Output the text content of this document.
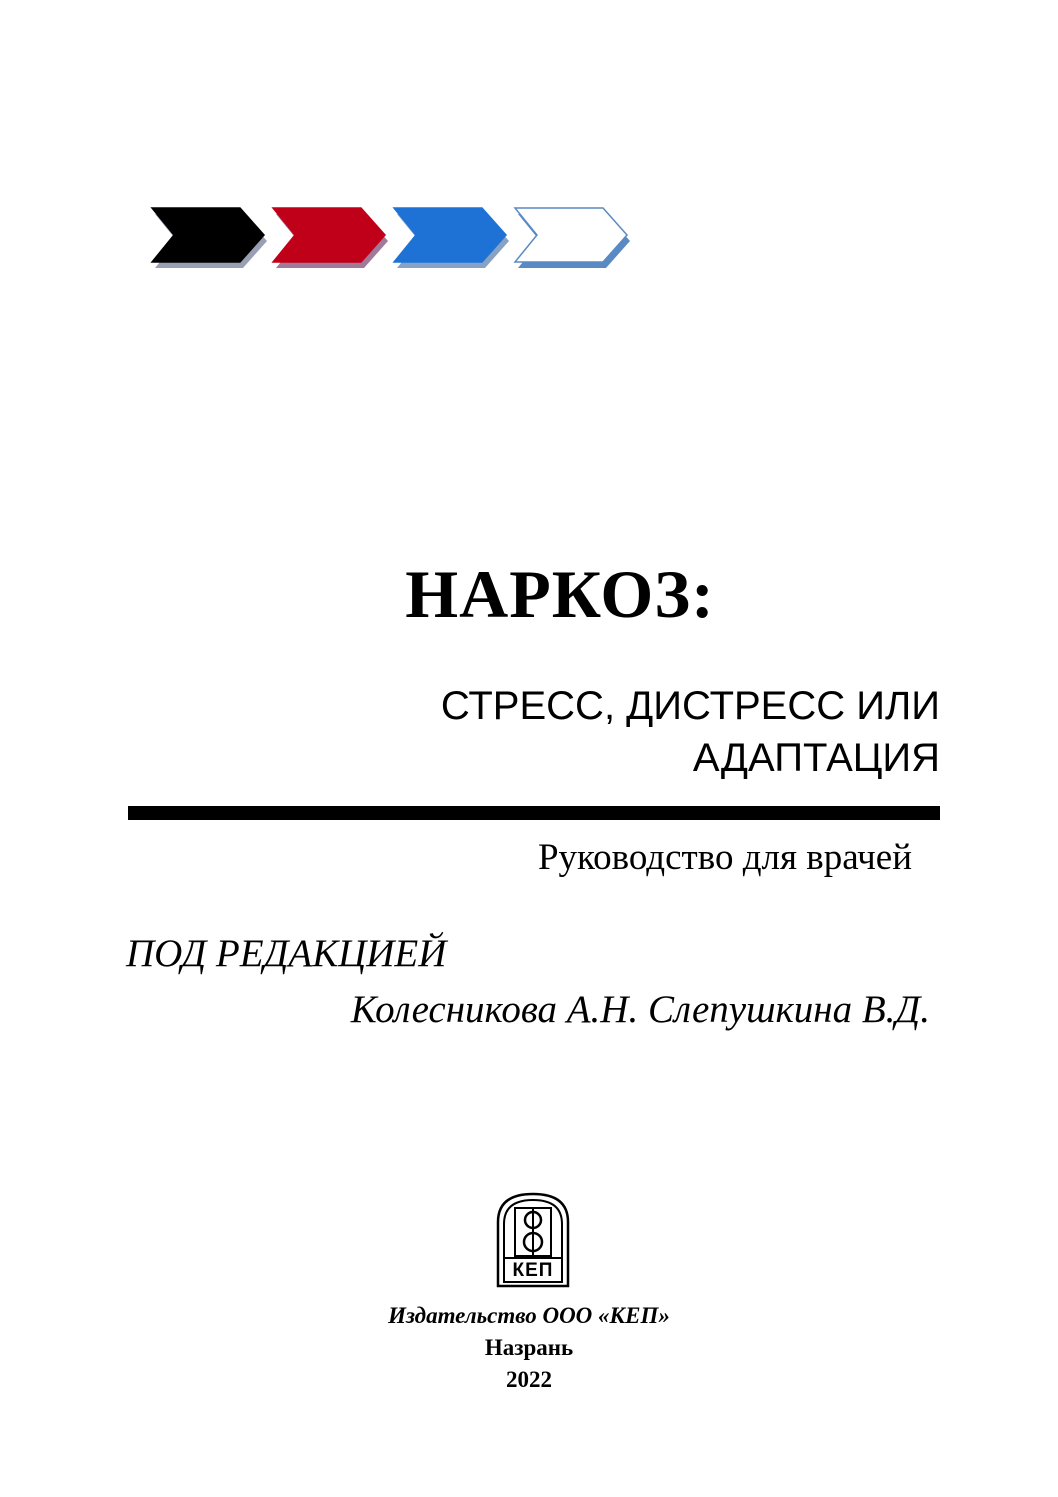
НАРКОЗ:
СТРЕСС, ДИСТРЕСС ИЛИ
АДАПТАЦИЯ
Руководство для врачей
ПОД РЕДАКЦИЕЙ
Колесникова А.Н. Слепушкина В.Д.
КЕП
Издательство ООО «КЕП»
Назрань
2022
